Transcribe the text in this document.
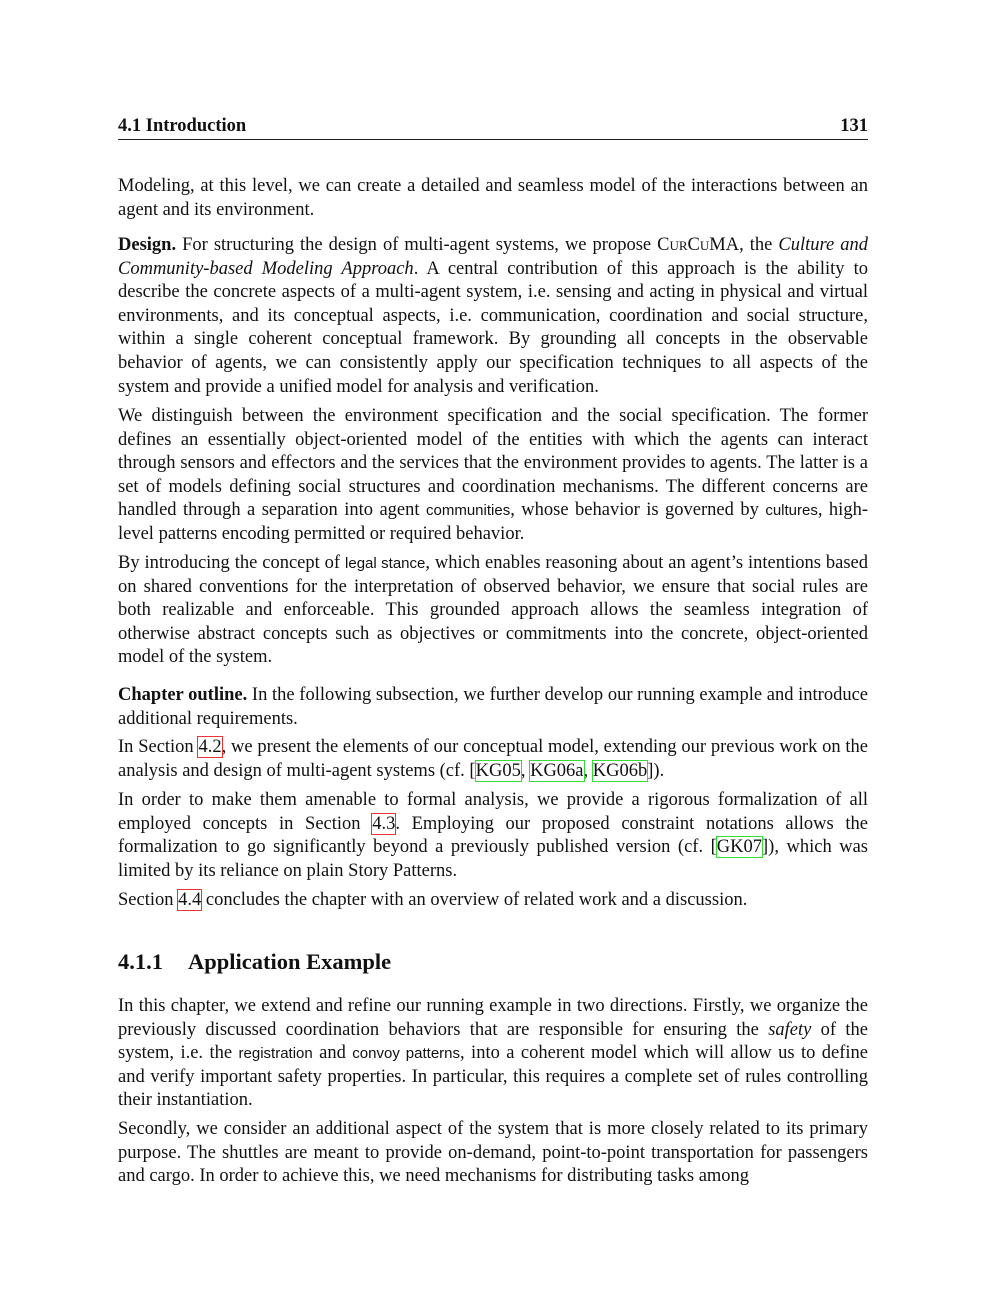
4.1 Introduction	131
Modeling, at this level, we can create a detailed and seamless model of the interactions between an agent and its environment.
Design. For structuring the design of multi-agent systems, we propose CurCuMA, the Culture and Community-based Modeling Approach. A central contribution of this approach is the ability to describe the concrete aspects of a multi-agent system, i.e. sensing and acting in physical and virtual environments, and its conceptual aspects, i.e. communication, coordination and social structure, within a single coherent conceptual framework. By grounding all concepts in the observable behavior of agents, we can consistently apply our specification techniques to all aspects of the system and provide a unified model for analysis and verification.
We distinguish between the environment specification and the social specification. The former defines an essentially object-oriented model of the entities with which the agents can interact through sensors and effectors and the services that the environment provides to agents. The latter is a set of models defining social structures and coordination mechanisms. The different concerns are handled through a separation into agent communities, whose behavior is governed by cultures, high-level patterns encoding permitted or required behavior.
By introducing the concept of legal stance, which enables reasoning about an agent’s intentions based on shared conventions for the interpretation of observed behavior, we ensure that social rules are both realizable and enforceable. This grounded approach allows the seamless integration of otherwise abstract concepts such as objectives or commitments into the concrete, object-oriented model of the system.
Chapter outline. In the following subsection, we further develop our running example and introduce additional requirements.
In Section 4.2, we present the elements of our conceptual model, extending our previous work on the analysis and design of multi-agent systems (cf. [KG05, KG06a, KG06b]).
In order to make them amenable to formal analysis, we provide a rigorous formalization of all employed concepts in Section 4.3. Employing our proposed constraint notations allows the formalization to go significantly beyond a previously published version (cf. [GK07]), which was limited by its reliance on plain Story Patterns.
Section 4.4 concludes the chapter with an overview of related work and a discussion.
4.1.1 Application Example
In this chapter, we extend and refine our running example in two directions. Firstly, we organize the previously discussed coordination behaviors that are responsible for ensuring the safety of the system, i.e. the registration and convoy patterns, into a coherent model which will allow us to define and verify important safety properties. In particular, this requires a complete set of rules controlling their instantiation.
Secondly, we consider an additional aspect of the system that is more closely related to its primary purpose. The shuttles are meant to provide on-demand, point-to-point transportation for passengers and cargo. In order to achieve this, we need mechanisms for distributing tasks among
